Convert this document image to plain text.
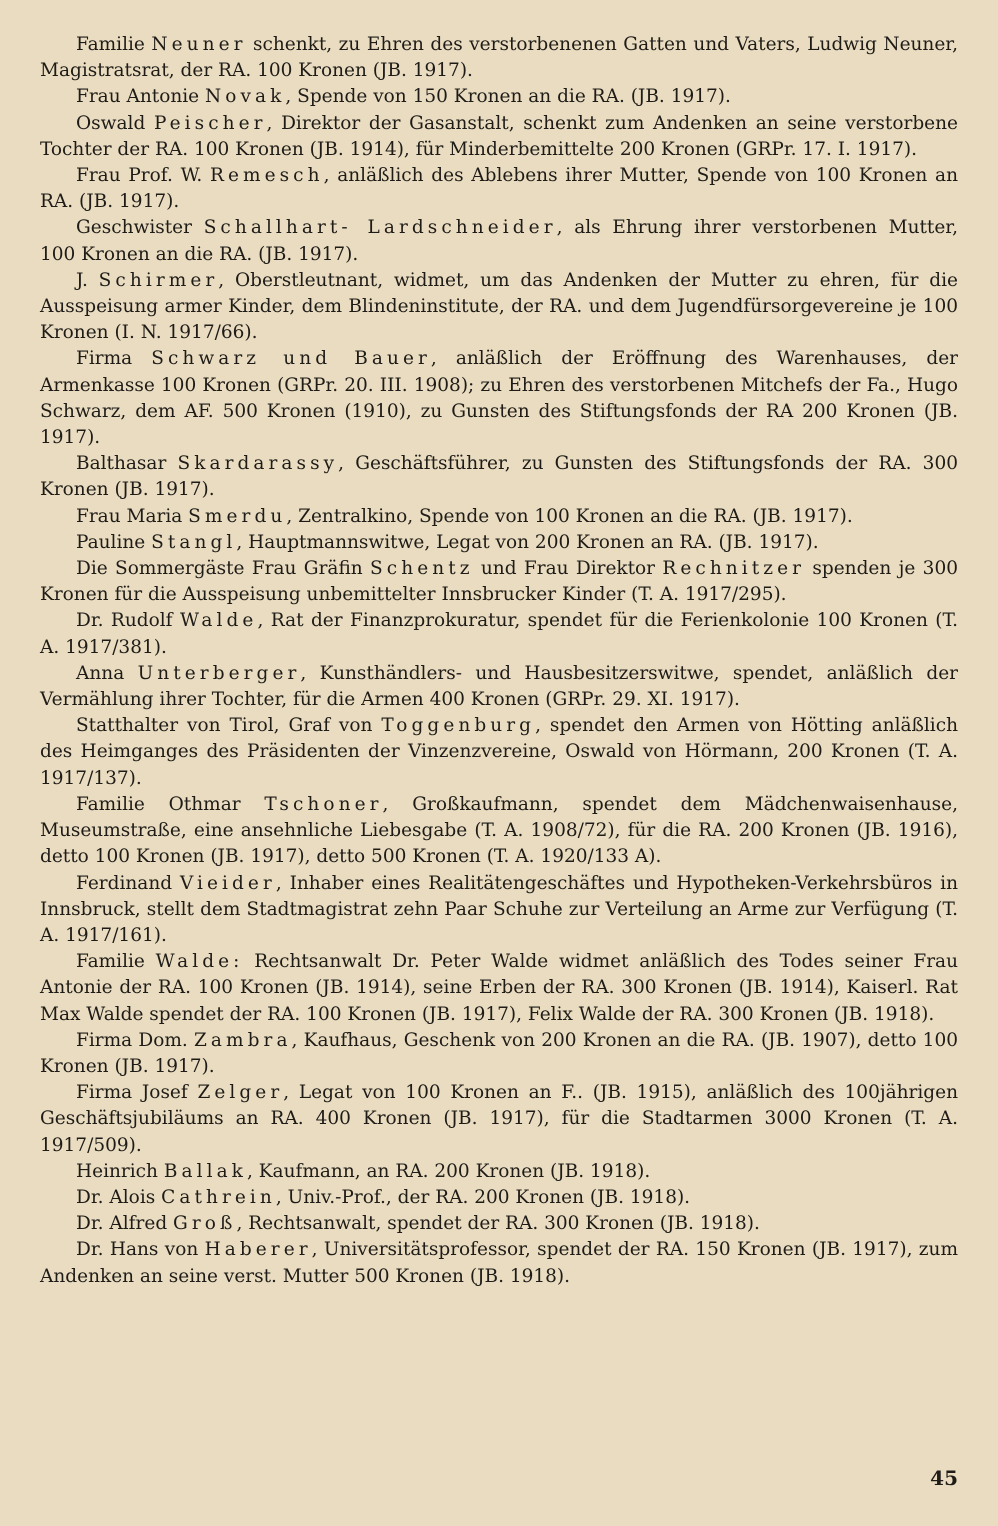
Familie Neuner schenkt, zu Ehren des verstorbenenen Gatten und Vaters, Ludwig Neuner, Magistratsrat, der RA. 100 Kronen (JB. 1917).

Frau Antonie Novak, Spende von 150 Kronen an die RA. (JB. 1917).

Oswald Peischer, Direktor der Gasanstalt, schenkt zum Andenken an seine verstorbene Tochter der RA. 100 Kronen (JB. 1914), für Minderbemittelte 200 Kronen (GRPr. 17. I. 1917).

Frau Prof. W. Remesch, anläßlich des Ablebens ihrer Mutter, Spende von 100 Kronen an RA. (JB. 1917).

Geschwister Schallhart- Lardschneider, als Ehrung ihrer verstorbenen Mutter, 100 Kronen an die RA. (JB. 1917).

J. Schirmer, Oberstleutnant, widmet, um das Andenken der Mutter zu ehren, für die Ausspeisung armer Kinder, dem Blindeninstitute, der RA. und dem Jugendfürsorgevereine je 100 Kronen (I. N. 1917/66).

Firma Schwarz und Bauer, anläßlich der Eröffnung des Warenhauses, der Armenkasse 100 Kronen (GRPr. 20. III. 1908); zu Ehren des verstorbenen Mitchefs der Fa., Hugo Schwarz, dem AF. 500 Kronen (1910), zu Gunsten des Stiftungsfonds der RA 200 Kronen (JB. 1917).

Balthasar Skardarassy, Geschäftsführer, zu Gunsten des Stiftungsfonds der RA. 300 Kronen (JB. 1917).

Frau Maria Smerdu, Zentralkino, Spende von 100 Kronen an die RA. (JB. 1917).

Pauline Stangl, Hauptmannswitwe, Legat von 200 Kronen an RA. (JB. 1917).

Die Sommergäste Frau Gräfin Schentz und Frau Direktor Rechnitzer spenden je 300 Kronen für die Ausspeisung unbemittelter Innsbrucker Kinder (T. A. 1917/295).

Dr. Rudolf Walde, Rat der Finanzprokuratur, spendet für die Ferienkolonie 100 Kronen (T. A. 1917/381).

Anna Unterberger, Kunsthändlers- und Hausbesitzerswitwe, spendet, anläßlich der Vermählung ihrer Tochter, für die Armen 400 Kronen (GRPr. 29. XI. 1917).

Statthalter von Tirol, Graf von Toggenburg, spendet den Armen von Hötting anläßlich des Heimganges des Präsidenten der Vinzenzvereine, Oswald von Hörmann, 200 Kronen (T. A. 1917/137).

Familie Othmar Tschoner, Großkaufmann, spendet dem Mädchenwaisenhause, Museumstraße, eine ansehnliche Liebesgabe (T. A. 1908/72), für die RA. 200 Kronen (JB. 1916), detto 100 Kronen (JB. 1917), detto 500 Kronen (T. A. 1920/133 A).

Ferdinand Vieider, Inhaber eines Realitätengeschäftes und Hypotheken-Verkehrsbüros in Innsbruck, stellt dem Stadtmagistrat zehn Paar Schuhe zur Verteilung an Arme zur Verfügung (T. A. 1917/161).

Familie Walde: Rechtsanwalt Dr. Peter Walde widmet anläßlich des Todes seiner Frau Antonie der RA. 100 Kronen (JB. 1914), seine Erben der RA. 300 Kronen (JB. 1914), Kaiserl. Rat Max Walde spendet der RA. 100 Kronen (JB. 1917), Felix Walde der RA. 300 Kronen (JB. 1918).

Firma Dom. Zambra, Kaufhaus, Geschenk von 200 Kronen an die RA. (JB. 1907), detto 100 Kronen (JB. 1917).

Firma Josef Zelger, Legat von 100 Kronen an F.. (JB. 1915), anläßlich des 100jährigen Geschäftsjubiläums an RA. 400 Kronen (JB. 1917), für die Stadtarmen 3000 Kronen (T. A. 1917/509).

Heinrich Ballak, Kaufmann, an RA. 200 Kronen (JB. 1918).

Dr. Alois Cathrein, Univ.-Prof., der RA. 200 Kronen (JB. 1918).

Dr. Alfred Groß, Rechtsanwalt, spendet der RA. 300 Kronen (JB. 1918).

Dr. Hans von Haberer, Universitätsprofessor, spendet der RA. 150 Kronen (JB. 1917), zum Andenken an seine verst. Mutter 500 Kronen (JB. 1918).

45
